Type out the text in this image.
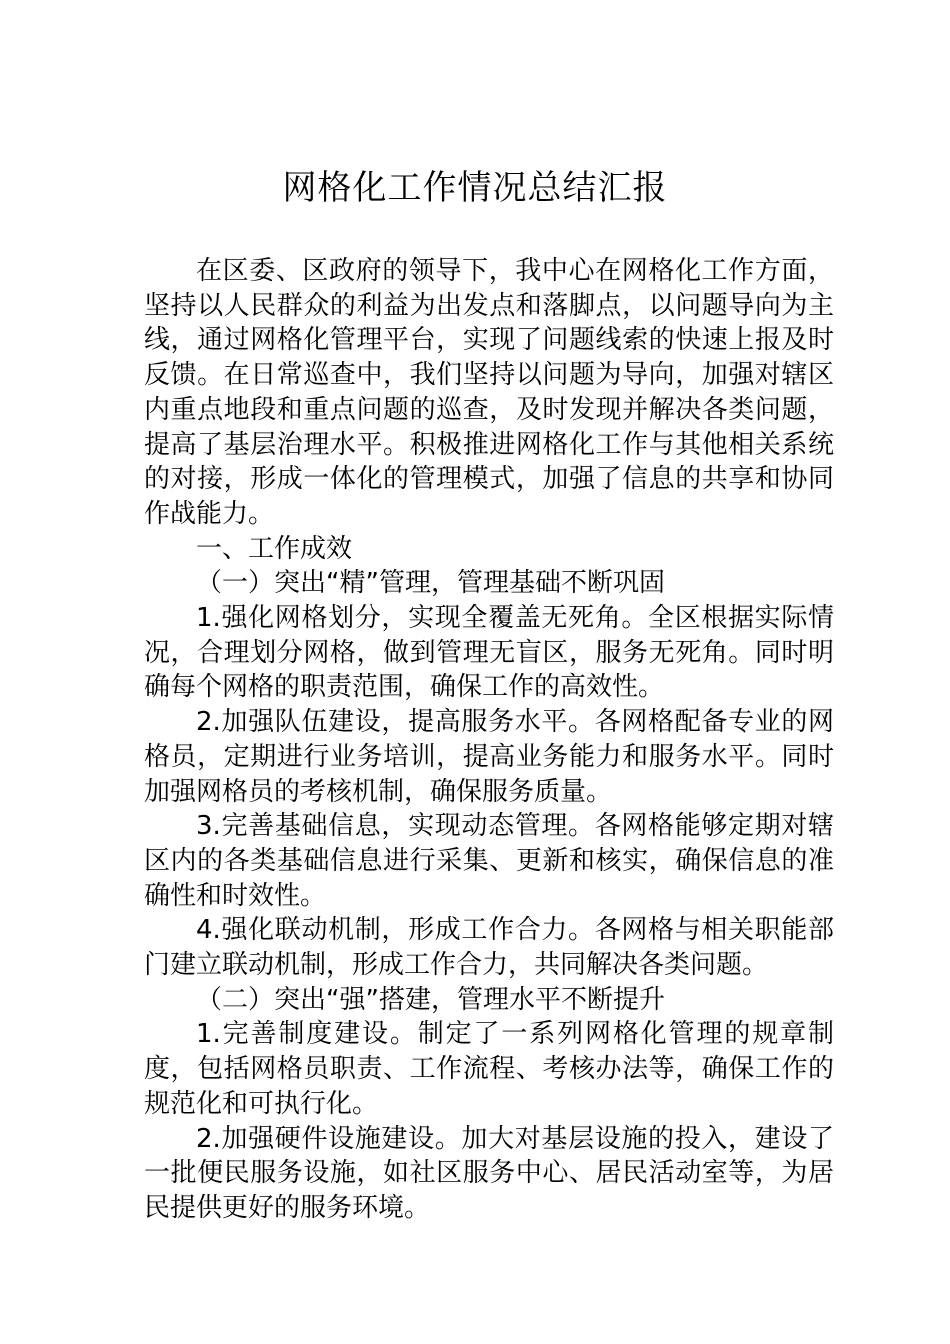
网格化工作情况总结汇报

在区委、区政府的领导下，我中心在网格化工作方面，坚持以人民群众的利益为出发点和落脚点，以问题导向为主线，通过网格化管理平台，实现了问题线索的快速上报及时反馈。在日常巡查中，我们坚持以问题为导向，加强对辖区内重点地段和重点问题的巡查，及时发现并解决各类问题，提高了基层治理水平。积极推进网格化工作与其他相关系统的对接，形成一体化的管理模式，加强了信息的共享和协同作战能力。

一、工作成效

（一）突出“精”管理，管理基础不断巩固

1.强化网格划分，实现全覆盖无死角。全区根据实际情况，合理划分网格，做到管理无盲区，服务无死角。同时明确每个网格的职责范围，确保工作的高效性。

2.加强队伍建设，提高服务水平。各网格配备专业的网格员，定期进行业务培训，提高业务能力和服务水平。同时加强网格员的考核机制，确保服务质量。

3.完善基础信息，实现动态管理。各网格能够定期对辖区内的各类基础信息进行采集、更新和核实，确保信息的准确性和时效性。

4.强化联动机制，形成工作合力。各网格与相关职能部门建立联动机制，形成工作合力，共同解决各类问题。

（二）突出“强”搭建，管理水平不断提升

1.完善制度建设。制定了一系列网格化管理的规章制度，包括网格员职责、工作流程、考核办法等，确保工作的规范化和可执行化。

2.加强硬件设施建设。加大对基层设施的投入，建设了一批便民服务设施，如社区服务中心、居民活动室等，为居民提供更好的服务环境。
